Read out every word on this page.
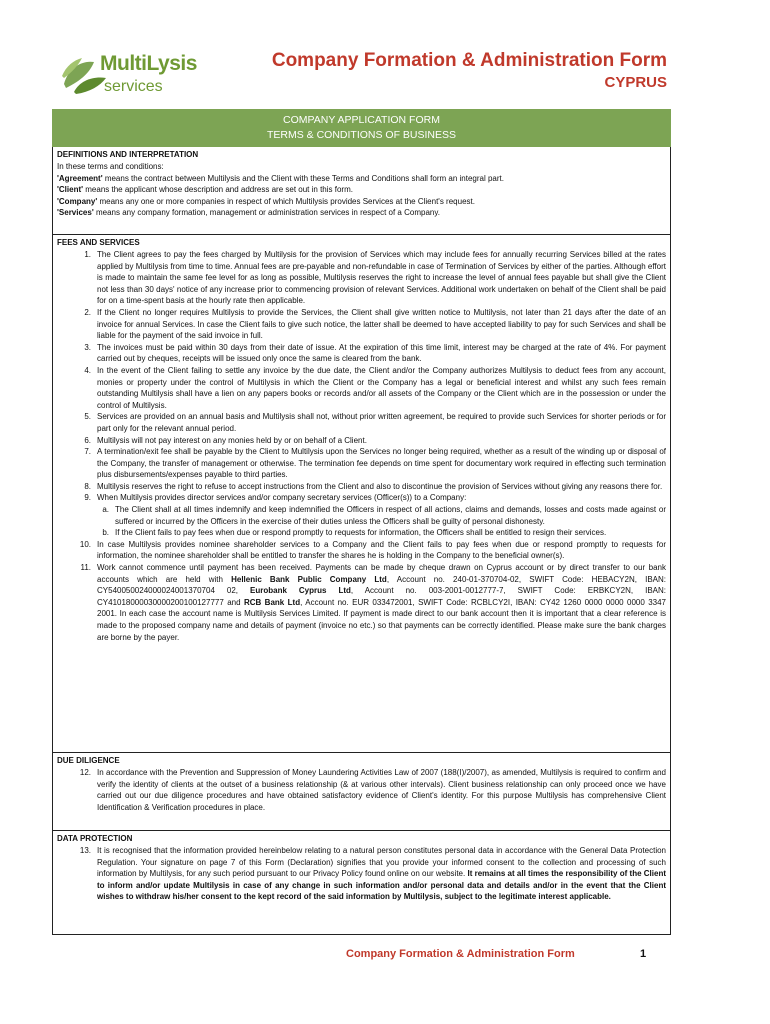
MultiLysis
services
Company Formation & Administration Form
CYPRUS
COMPANY APPLICATION FORM
TERMS & CONDITIONS OF BUSINESS
DEFINITIONS AND INTERPRETATION
In these terms and conditions:
'Agreement' means the contract between Multilysis and the Client with these Terms and Conditions shall form an integral part.
'Client' means the applicant whose description and address are set out in this form.
'Company' means any one or more companies in respect of which Multilysis provides Services at the Client's request.
'Services' means any company formation, management or administration services in respect of a Company.
FEES AND SERVICES
1. The Client agrees to pay the fees charged by Multilysis for the provision of Services which may include fees for annually recurring Services billed at the rates applied by Multilysis from time to time. Annual fees are pre-payable and non-refundable in case of Termination of Services by either of the parties. Although effort is made to maintain the same fee level for as long as possible, Multilysis reserves the right to increase the level of annual fees payable but shall give the Client not less than 30 days' notice of any increase prior to commencing provision of relevant Services. Additional work undertaken on behalf of the Client shall be paid for on a time-spent basis at the hourly rate then applicable.
2. If the Client no longer requires Multilysis to provide the Services, the Client shall give written notice to Multilysis, not later than 21 days after the date of an invoice for annual Services. In case the Client fails to give such notice, the latter shall be deemed to have accepted liability to pay for such Services and shall be liable for the payment of the said invoice in full.
3. The invoices must be paid within 30 days from their date of issue. At the expiration of this time limit, interest may be charged at the rate of 4%. For payment carried out by cheques, receipts will be issued only once the same is cleared from the bank.
4. In the event of the Client failing to settle any invoice by the due date, the Client and/or the Company authorizes Multilysis to deduct fees from any account, monies or property under the control of Multilysis in which the Client or the Company has a legal or beneficial interest and whilst any such fees remain outstanding Multilysis shall have a lien on any papers books or records and/or all assets of the Company or the Client which are in the possession or under the control of Multilysis.
5. Services are provided on an annual basis and Multilysis shall not, without prior written agreement, be required to provide such Services for shorter periods or for part only for the relevant annual period.
6. Multilysis will not pay interest on any monies held by or on behalf of a Client.
7. A termination/exit fee shall be payable by the Client to Multilysis upon the Services no longer being required, whether as a result of the winding up or disposal of the Company, the transfer of management or otherwise. The termination fee depends on time spent for documentary work required in effecting such termination plus disbursements/expenses payable to third parties.
8. Multilysis reserves the right to refuse to accept instructions from the Client and also to discontinue the provision of Services without giving any reasons there for.
9. When Multilysis provides director services and/or company secretary services (Officer(s)) to a Company:
a. The Client shall at all times indemnify and keep indemnified the Officers in respect of all actions, claims and demands, losses and costs made against or suffered or incurred by the Officers in the exercise of their duties unless the Officers shall be guilty of personal dishonesty.
b. If the Client fails to pay fees when due or respond promptly to requests for information, the Officers shall be entitled to resign their services.
10. In case Multilysis provides nominee shareholder services to a Company and the Client fails to pay fees when due or respond promptly to requests for information, the nominee shareholder shall be entitled to transfer the shares he is holding in the Company to the beneficial owner(s).
11. Work cannot commence until payment has been received. Payments can be made by cheque drawn on Cyprus account or by direct transfer to our bank accounts which are held with Hellenic Bank Public Company Ltd, Account no. 240-01-370704-02, SWIFT Code: HEBACY2N, IBAN: CY540050024000024001370704 02, Eurobank Cyprus Ltd, Account no. 003-2001-0012777-7, SWIFT Code: ERBKCY2N, IBAN: CY41018000030000200100127777 and RCB Bank Ltd, Account no. EUR 033472001, SWIFT Code: RCBLCY2I, IBAN: CY42 1260 0000 0000 0000 3347 2001. In each case the account name is Multilysis Services Limited. If payment is made direct to our bank account then it is important that a clear reference is made to the proposed company name and details of payment (invoice no etc.) so that payments can be correctly identified. Please make sure the bank charges are borne by the payer.
DUE DILIGENCE
12. In accordance with the Prevention and Suppression of Money Laundering Activities Law of 2007 (188(I)/2007), as amended, Multilysis is required to confirm and verify the identity of clients at the outset of a business relationship (& at various other intervals). Client business relationship can only proceed once we have carried out our due diligence procedures and have obtained satisfactory evidence of Client's identity. For this purpose Multilysis has comprehensive Client Identification & Verification procedures in place.
DATA PROTECTION
13. It is recognised that the information provided hereinbelow relating to a natural person constitutes personal data in accordance with the General Data Protection Regulation. Your signature on page 7 of this Form (Declaration) signifies that you provide your informed consent to the collection and processing of such information by Multilysis, for any such period pursuant to our Privacy Policy found online on our website. It remains at all times the responsibility of the Client to inform and/or update Multilysis in case of any change in such information and/or personal data and details and/or in the event that the Client wishes to withdraw his/her consent to the kept record of the said information by Multilysis, subject to the legitimate interest applicable.
Company Formation & Administration Form	1
